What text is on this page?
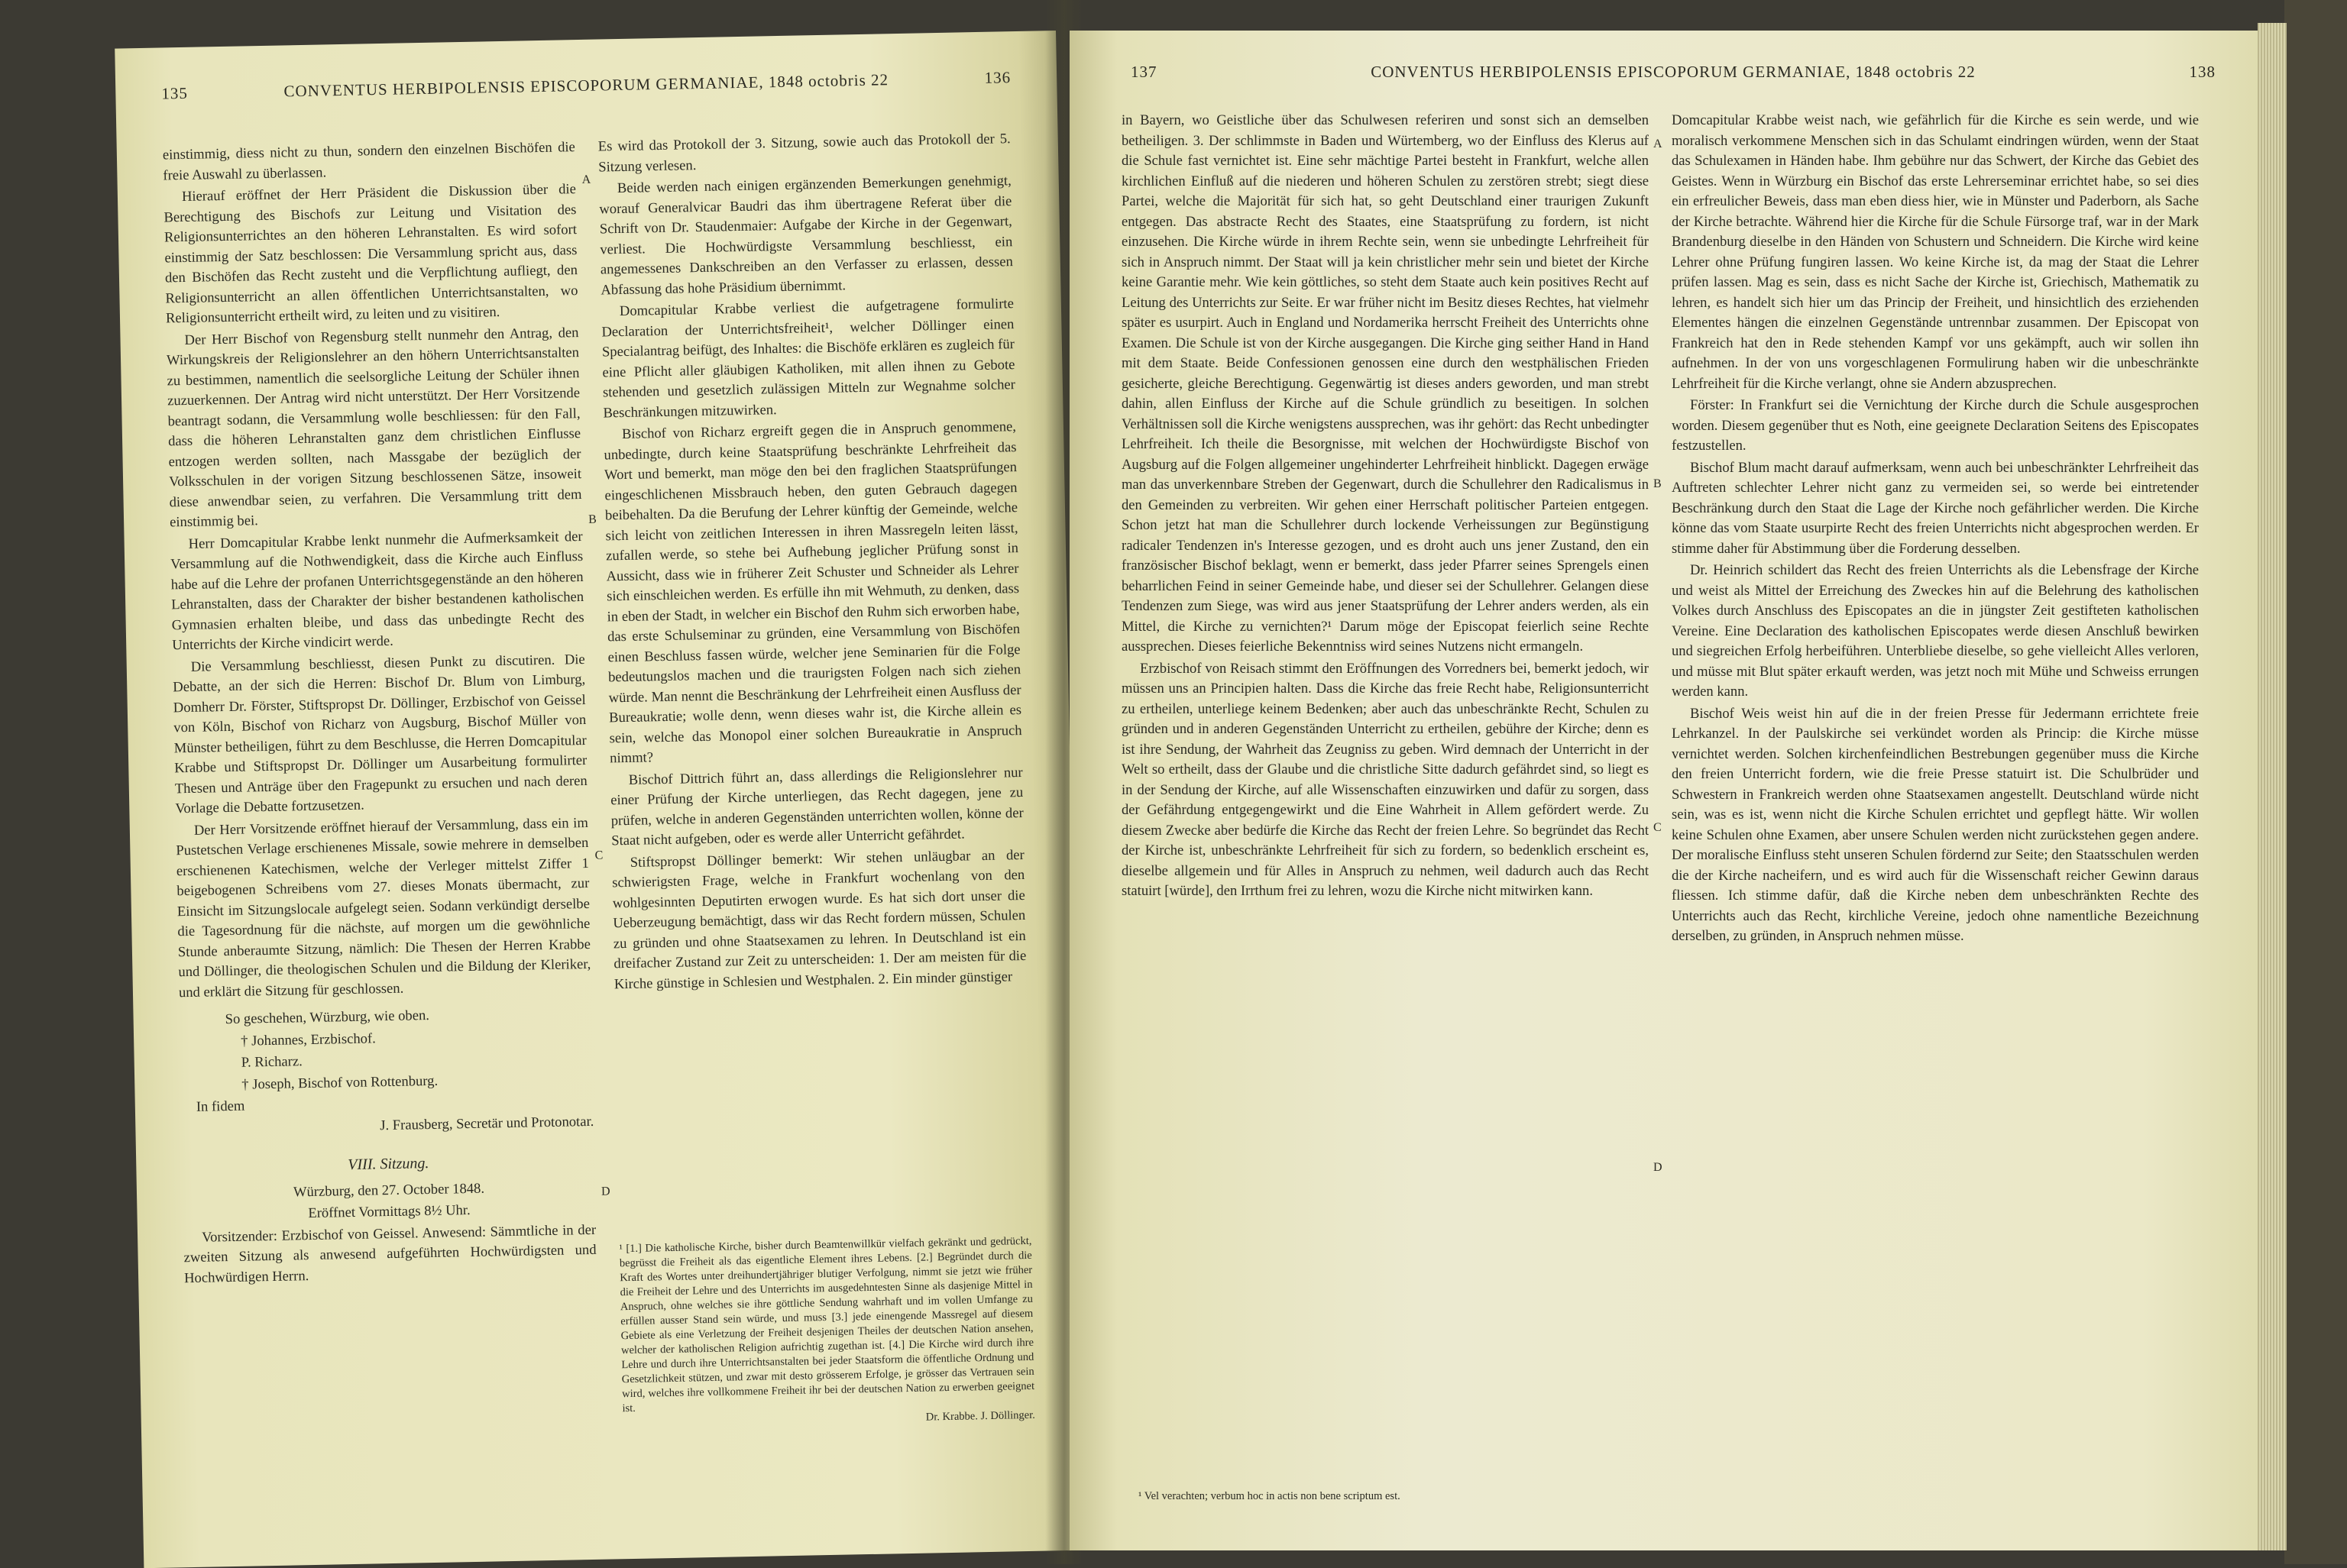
135	CONVENTUS HERBIPOLENSIS EPISCOPORUM GERMANIAE, 1848 octobris 22	136

einstimmig, diess nicht zu thun, sondern den einzelnen Bischöfen die freie Auswahl zu überlassen.

Hierauf eröffnet der Herr Präsident die Diskussion über die Berechtigung des Bischofs zur Leitung und Visitation des Religionsunterrichtes an den höheren Lehranstalten. Es wird sofort einstimmig der Satz beschlossen: Die Versammlung spricht aus, dass den Bischöfen das Recht zusteht und die Verpflichtung aufliegt, den Religionsunterricht an allen öffentlichen Unterrichtsanstalten, wo Religionsunterricht ertheilt wird, zu leiten und zu visitiren.

Der Herr Bischof von Regensburg stellt nunmehr den Antrag, den Wirkungskreis der Religionslehrer an den höhern Unterrichtsanstalten zu bestimmen, namentlich die seelsorgliche Leitung der Schüler ihnen zuzuerkennen. Der Antrag wird nicht unterstützt. Der Herr Vorsitzende beantragt sodann, die Versammlung wolle beschliessen: für den Fall, dass die höheren Lehranstalten ganz dem christlichen Einflusse entzogen werden sollten, nach Massgabe der bezüglich der Volksschulen in der vorigen Sitzung beschlossenen Sätze, insoweit diese anwendbar seien, zu verfahren. Die Versammlung tritt dem einstimmig bei.

Herr Domcapitular Krabbe lenkt nunmehr die Aufmerksamkeit der Versammlung auf die Nothwendigkeit, dass die Kirche auch Einfluss habe auf die Lehre der profanen Unterrichtsgegenstände an den höheren Lehranstalten, dass der Charakter der bisher bestandenen katholischen Gymnasien erhalten bleibe, und dass das unbedingte Recht des Unterrichts der Kirche vindicirt werde.

Die Versammlung beschliesst, diesen Punkt zu discutiren. Die Debatte, an der sich die Herren: Bischof Dr. Blum von Limburg, Domherr Dr. Förster, Stiftspropst Dr. Döllinger, Erzbischof von Geissel von Köln, Bischof von Richarz von Augsburg, Bischof Müller von Münster betheiligen, führt zu dem Beschlusse, die Herren Domcapitular Krabbe und Stiftspropst Dr. Döllinger um Ausarbeitung formulirter Thesen und Anträge über den Fragepunkt zu ersuchen und nach deren Vorlage die Debatte fortzusetzen.

Der Herr Vorsitzende eröffnet hierauf der Versammlung, dass ein im Pustetschen Verlage erschienenes Missale, sowie mehrere in demselben erschienenen Katechismen, welche der Verleger mittelst Ziffer 1 beigebogenen Schreibens vom 27. dieses Monats übermacht, zur Einsicht im Sitzungslocale aufgelegt seien. Sodann verkündigt derselbe die Tagesordnung für die nächste, auf morgen um die gewöhnliche Stunde anberaumte Sitzung, nämlich: Die Thesen der Herren Krabbe und Döllinger, die theologischen Schulen und die Bildung der Kleriker, und erklärt die Sitzung für geschlossen.

So geschehen, Würzburg, wie oben.

† Johannes, Erzbischof.

P. Richarz.

† Joseph, Bischof von Rottenburg.

In fidem

J. Frausberg, Secretär und Protonotar.

VIII. Sitzung.

Würzburg, den 27. October 1848.

Eröffnet Vormittags 8½ Uhr.

Vorsitzender: Erzbischof von Geissel. Anwesend: Sämmtliche in der zweiten Sitzung als anwesend aufgeführten Hochwürdigsten und Hochwürdigen Herrn.

A
B
C
D

Es wird das Protokoll der 3. Sitzung, sowie auch das Protokoll der 5. Sitzung verlesen.

Beide werden nach einigen ergänzenden Bemerkungen genehmigt, worauf Generalvicar Baudri das ihm übertragene Referat über die Schrift von Dr. Staudenmaier: Aufgabe der Kirche in der Gegenwart, verliest. Die Hochwürdigste Versammlung beschliesst, ein angemessenes Dankschreiben an den Verfasser zu erlassen, dessen Abfassung das hohe Präsidium übernimmt.

Domcapitular Krabbe verliest die aufgetragene formulirte Declaration der Unterrichtsfreiheit¹, welcher Döllinger einen Specialantrag beifügt, des Inhaltes: die Bischöfe erklären es zugleich für eine Pflicht aller gläubigen Katholiken, mit allen ihnen zu Gebote stehenden und gesetzlich zulässigen Mitteln zur Wegnahme solcher Beschränkungen mitzuwirken.

Bischof von Richarz ergreift gegen die in Anspruch genommene, unbedingte, durch keine Staatsprüfung beschränkte Lehrfreiheit das Wort und bemerkt, man möge den bei den fraglichen Staatsprüfungen eingeschlichenen Missbrauch heben, den guten Gebrauch dagegen beibehalten. Da die Berufung der Lehrer künftig der Gemeinde, welche sich leicht von zeitlichen Interessen in ihren Massregeln leiten lässt, zufallen werde, so stehe bei Aufhebung jeglicher Prüfung sonst in Aussicht, dass wie in früherer Zeit Schuster und Schneider als Lehrer sich einschleichen werden. Es erfülle ihn mit Wehmuth, zu denken, dass in eben der Stadt, in welcher ein Bischof den Ruhm sich erworben habe, das erste Schulseminar zu gründen, eine Versammlung von Bischöfen einen Beschluss fassen würde, welcher jene Seminarien für die Folge bedeutungslos machen und die traurigsten Folgen nach sich ziehen würde. Man nennt die Beschränkung der Lehrfreiheit einen Ausfluss der Bureaukratie; wolle denn, wenn dieses wahr ist, die Kirche allein es sein, welche das Monopol einer solchen Bureaukratie in Anspruch nimmt?

Bischof Dittrich führt an, dass allerdings die Religionslehrer nur einer Prüfung der Kirche unterliegen, das Recht dagegen, jene zu prüfen, welche in anderen Gegenständen unterrichten wollen, könne der Staat nicht aufgeben, oder es werde aller Unterricht gefährdet.

Stiftspropst Döllinger bemerkt: Wir stehen unläugbar an der schwierigsten Frage, welche in Frankfurt wochenlang von den wohlgesinnten Deputirten erwogen wurde. Es hat sich dort unser die Ueberzeugung bemächtigt, dass wir das Recht fordern müssen, Schulen zu gründen und ohne Staatsexamen zu lehren. In Deutschland ist ein dreifacher Zustand zur Zeit zu unterscheiden: 1. Der am meisten für die Kirche günstige in Schlesien und Westphalen. 2. Ein minder günstiger

¹ [1.] Die katholische Kirche, bisher durch Beamtenwillkür vielfach gekränkt und gedrückt, begrüsst die Freiheit als das eigentliche Element ihres Lebens. [2.] Begründet durch die Kraft des Wortes unter dreihundertjähriger blutiger Verfolgung, nimmt sie jetzt wie früher die Freiheit der Lehre und des Unterrichts im ausgedehntesten Sinne als dasjenige Mittel in Anspruch, ohne welches sie ihre göttliche Sendung wahrhaft und im vollen Umfange zu erfüllen ausser Stand sein würde, und muss [3.] jede einengende Massregel auf diesem Gebiete als eine Verletzung der Freiheit desjenigen Theiles der deutschen Nation ansehen, welcher der katholischen Religion aufrichtig zugethan ist. [4.] Die Kirche wird durch ihre Lehre und durch ihre Unterrichtsanstalten bei jeder Staatsform die öffentliche Ordnung und Gesetzlichkeit stützen, und zwar mit desto grösserem Erfolge, je grösser das Vertrauen sein wird, welches ihre vollkommene Freiheit ihr bei der deutschen Nation zu erwerben geeignet ist.

Dr. Krabbe. J. Döllinger.

137	CONVENTUS HERBIPOLENSIS EPISCOPORUM GERMANIAE, 1848 octobris 22	138

in Bayern, wo Geistliche über das Schulwesen referiren und sonst sich an demselben betheiligen. 3. Der schlimmste in Baden und Würtemberg, wo der Einfluss des Klerus auf die Schule fast vernichtet ist. Eine sehr mächtige Partei besteht in Frankfurt, welche allen kirchlichen Einfluß auf die niederen und höheren Schulen zu zerstören strebt; siegt diese Partei, welche die Majorität für sich hat, so geht Deutschland einer traurigen Zukunft entgegen. Das abstracte Recht des Staates, eine Staatsprüfung zu fordern, ist nicht einzusehen. Die Kirche würde in ihrem Rechte sein, wenn sie unbedingte Lehrfreiheit für sich in Anspruch nimmt. Der Staat will ja kein christlicher mehr sein und bietet der Kirche keine Garantie mehr. Wie kein göttliches, so steht dem Staate auch kein positives Recht auf Leitung des Unterrichts zur Seite. Er war früher nicht im Besitz dieses Rechtes, hat vielmehr später es usurpirt. Auch in England und Nordamerika herrscht Freiheit des Unterrichts ohne Examen. Die Schule ist von der Kirche ausgegangen. Die Kirche ging seither Hand in Hand mit dem Staate. Beide Confessionen genossen eine durch den westphälischen Frieden gesicherte, gleiche Berechtigung. Gegenwärtig ist dieses anders geworden, und man strebt dahin, allen Einfluss der Kirche auf die Schule gründlich zu beseitigen. In solchen Verhältnissen soll die Kirche wenigstens aussprechen, was ihr gehört: das Recht unbedingter Lehrfreiheit. Ich theile die Besorgnisse, mit welchen der Hochwürdigste Bischof von Augsburg auf die Folgen allgemeiner ungehinderter Lehrfreiheit hinblickt. Dagegen erwäge man das unverkennbare Streben der Gegenwart, durch die Schullehrer den Radicalismus in den Gemeinden zu verbreiten. Wir gehen einer Herrschaft politischer Parteien entgegen. Schon jetzt hat man die Schullehrer durch lockende Verheissungen zur Begünstigung radicaler Tendenzen in's Interesse gezogen, und es droht auch uns jener Zustand, den ein französischer Bischof beklagt, wenn er bemerkt, dass jeder Pfarrer seines Sprengels einen beharrlichen Feind in seiner Gemeinde habe, und dieser sei der Schullehrer. Gelangen diese Tendenzen zum Siege, was wird aus jener Staatsprüfung der Lehrer anders werden, als ein Mittel, die Kirche zu vernichten?¹ Darum möge der Episcopat feierlich seine Rechte aussprechen. Dieses feierliche Bekenntniss wird seines Nutzens nicht ermangeln.

Erzbischof von Reisach stimmt den Eröffnungen des Vorredners bei, bemerkt jedoch, wir müssen uns an Principien halten. Dass die Kirche das freie Recht habe, Religionsunterricht zu ertheilen, unterliege keinem Bedenken; aber auch das unbeschränkte Recht, Schulen zu gründen und in anderen Gegenständen Unterricht zu ertheilen, gebühre der Kirche; denn es ist ihre Sendung, der Wahrheit das Zeugniss zu geben. Wird demnach der Unterricht in der Welt so ertheilt, dass der Glaube und die christliche Sitte dadurch gefährdet sind, so liegt es in der Sendung der Kirche, auf alle Wissenschaften einzuwirken und dafür zu sorgen, dass der Gefährdung entgegengewirkt und die Eine Wahrheit in Allem gefördert werde. Zu diesem Zwecke aber bedürfe die Kirche das Recht der freien Lehre. So begründet das Recht der Kirche ist, unbeschränkte Lehrfreiheit für sich zu fordern, so bedenklich erscheint es, dieselbe allgemein und für Alles in Anspruch zu nehmen, weil dadurch auch das Recht statuirt [würde], den Irrthum frei zu lehren, wozu die Kirche nicht mitwirken kann.

¹ Vel verachten; verbum hoc in actis non bene scriptum est.

A
B
C
D

Domcapitular Krabbe weist nach, wie gefährlich für die Kirche es sein werde, und wie moralisch verkommene Menschen sich in das Schulamt eindringen würden, wenn der Staat das Schulexamen in Händen habe. Ihm gebühre nur das Schwert, der Kirche das Gebiet des Geistes. Wenn in Würzburg ein Bischof das erste Lehrerseminar errichtet habe, so sei dies ein erfreulicher Beweis, dass man eben diess hier, wie in Münster und Paderborn, als Sache der Kirche betrachte. Während hier die Kirche für die Schule Fürsorge traf, war in der Mark Brandenburg dieselbe in den Händen von Schustern und Schneidern. Die Kirche wird keine Lehrer ohne Prüfung fungiren lassen. Wo keine Kirche ist, da mag der Staat die Lehrer prüfen lassen. Mag es sein, dass es nicht Sache der Kirche ist, Griechisch, Mathematik zu lehren, es handelt sich hier um das Princip der Freiheit, und hinsichtlich des erziehenden Elementes hängen die einzelnen Gegenstände untrennbar zusammen. Der Episcopat von Frankreich hat den in Rede stehenden Kampf vor uns gekämpft, auch wir sollen ihn aufnehmen. In der von uns vorgeschlagenen Formulirung haben wir die unbeschränkte Lehrfreiheit für die Kirche verlangt, ohne sie Andern abzusprechen.

Förster: In Frankfurt sei die Vernichtung der Kirche durch die Schule ausgesprochen worden. Diesem gegenüber thut es Noth, eine geeignete Declaration Seitens des Episcopates festzustellen.

Bischof Blum macht darauf aufmerksam, wenn auch bei unbeschränkter Lehrfreiheit das Auftreten schlechter Lehrer nicht ganz zu vermeiden sei, so werde bei eintretender Beschränkung durch den Staat die Lage der Kirche noch gefährlicher werden. Die Kirche könne das vom Staate usurpirte Recht des freien Unterrichts nicht abgesprochen werden. Er stimme daher für Abstimmung über die Forderung desselben.

Dr. Heinrich schildert das Recht des freien Unterrichts als die Lebensfrage der Kirche und weist als Mittel der Erreichung des Zweckes hin auf die Belehrung des katholischen Volkes durch Anschluss des Episcopates an die in jüngster Zeit gestifteten katholischen Vereine. Eine Declaration des katholischen Episcopates werde diesen Anschluß bewirken und siegreichen Erfolg herbeiführen. Unterbliebe dieselbe, so gehe vielleicht Alles verloren, und müsse mit Blut später erkauft werden, was jetzt noch mit Mühe und Schweiss errungen werden kann.

Bischof Weis weist hin auf die in der freien Presse für Jedermann errichtete freie Lehrkanzel. In der Paulskirche sei verkündet worden als Princip: die Kirche müsse vernichtet werden. Solchen kirchenfeindlichen Bestrebungen gegenüber muss die Kirche den freien Unterricht fordern, wie die freie Presse statuirt ist. Die Schulbrüder und Schwestern in Frankreich werden ohne Staatsexamen angestellt. Deutschland würde nicht sein, was es ist, wenn nicht die Kirche Schulen errichtet und gepflegt hätte. Wir wollen keine Schulen ohne Examen, aber unsere Schulen werden nicht zurückstehen gegen andere. Der moralische Einfluss steht unseren Schulen fördernd zur Seite; den Staatsschulen werden die der Kirche nacheifern, und es wird auch für die Wissenschaft reicher Gewinn daraus fliessen. Ich stimme dafür, daß die Kirche neben dem unbeschränkten Rechte des Unterrichts auch das Recht, kirchliche Vereine, jedoch ohne namentliche Bezeichnung derselben, zu gründen, in Anspruch nehmen müsse.
